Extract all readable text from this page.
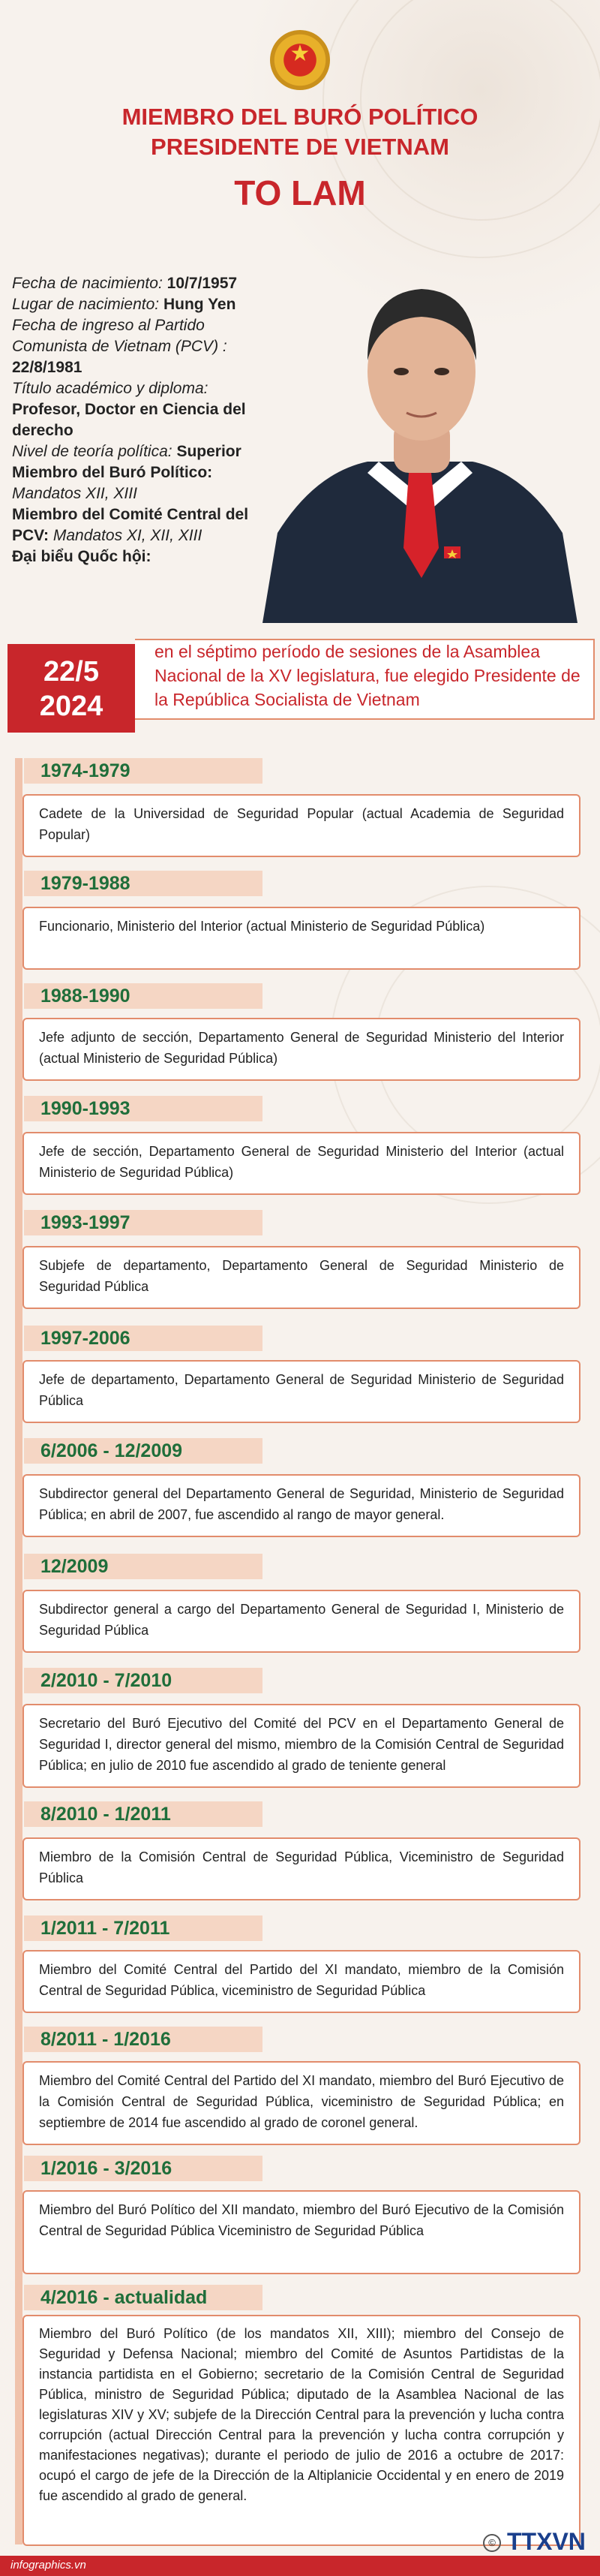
★
MIEMBRO DEL BURÓ POLÍTICO
PRESIDENTE DE VIETNAM
TO LAM
Fecha de nacimiento: 10/7/1957
Lugar de nacimiento: Hung Yen
Fecha de ingreso al Partido Comunista de Vietnam (PCV) : 22/8/1981
Título académico y diploma:
Profesor, Doctor en Ciencia del derecho
Nivel de teoría política: Superior
Miembro del Buró Político:
Mandatos XII, XIII
Miembro del Comité Central del PCV: Mandatos XI, XII, XIII
Đại biểu Quốc hội:
22/5
2024
en el séptimo período de sesiones de la Asamblea Nacional de la XV legislatura, fue elegido Presidente de la República Socialista de Vietnam
1974-1979
Cadete de la Universidad de Seguridad Popular (actual Academia de Seguridad Popular)
1979-1988
Funcionario, Ministerio del Interior (actual Ministerio de Seguridad Pública)
1988-1990
Jefe adjunto de sección, Departamento General de Seguridad Ministerio del Interior (actual Ministerio de Seguridad Pública)
1990-1993
Jefe de sección, Departamento General de Seguridad Ministerio del Interior (actual Ministerio de Seguridad Pública)
1993-1997
Subjefe de departamento, Departamento General de Seguridad Ministerio de Seguridad Pública
1997-2006
Jefe de departamento, Departamento General de Seguridad Ministerio de Seguridad Pública
6/2006 - 12/2009
Subdirector general del Departamento General de Seguridad, Ministerio de Seguridad Pública; en abril de 2007, fue ascendido al rango de mayor general.
12/2009
Subdirector general a cargo del Departamento General de Seguridad I, Ministerio de Seguridad Pública
2/2010 - 7/2010
Secretario del Buró Ejecutivo del Comité del PCV en el Departamento General de Seguridad I, director general del mismo, miembro de la Comisión Central de Seguridad Pública; en julio de 2010 fue ascendido al grado de teniente general
8/2010 - 1/2011
Miembro de la Comisión Central de Seguridad Pública, Viceministro de Seguridad Pública
1/2011 - 7/2011
Miembro del Comité Central del Partido del XI mandato, miembro de la Comisión Central de Seguridad Pública, viceministro de Seguridad Pública
8/2011 - 1/2016
Miembro del Comité Central del Partido del XI mandato, miembro del Buró Ejecutivo de la Comisión Central de Seguridad Pública, viceministro de Seguridad Pública; en septiembre de 2014 fue ascendido al grado de coronel general.
1/2016 - 3/2016
Miembro del Buró Político del XII mandato, miembro del Buró Ejecutivo de la Comisión Central de Seguridad Pública Viceministro de Seguridad Pública
4/2016 - actualidad
Miembro del Buró Político (de los mandatos XII, XIII); miembro del Consejo de Seguridad y Defensa Nacional; miembro del Comité de Asuntos Partidistas de la instancia partidista en el Gobierno; secretario de la Comisión Central de Seguridad Pública, ministro de Seguridad Pública; diputado de la Asamblea Nacional de las legislaturas XIV y XV; subjefe de la Dirección Central para la prevención y lucha contra corrupción (actual Dirección Central para la prevención y lucha contra corrupción y manifestaciones negativas); durante el periodo de julio de 2016 a octubre de 2017: ocupó el cargo de jefe de la Dirección de la Altiplanicie Occidental y en enero de 2019 fue ascendido al grado de general.
infographics.vn
© TTXVN
